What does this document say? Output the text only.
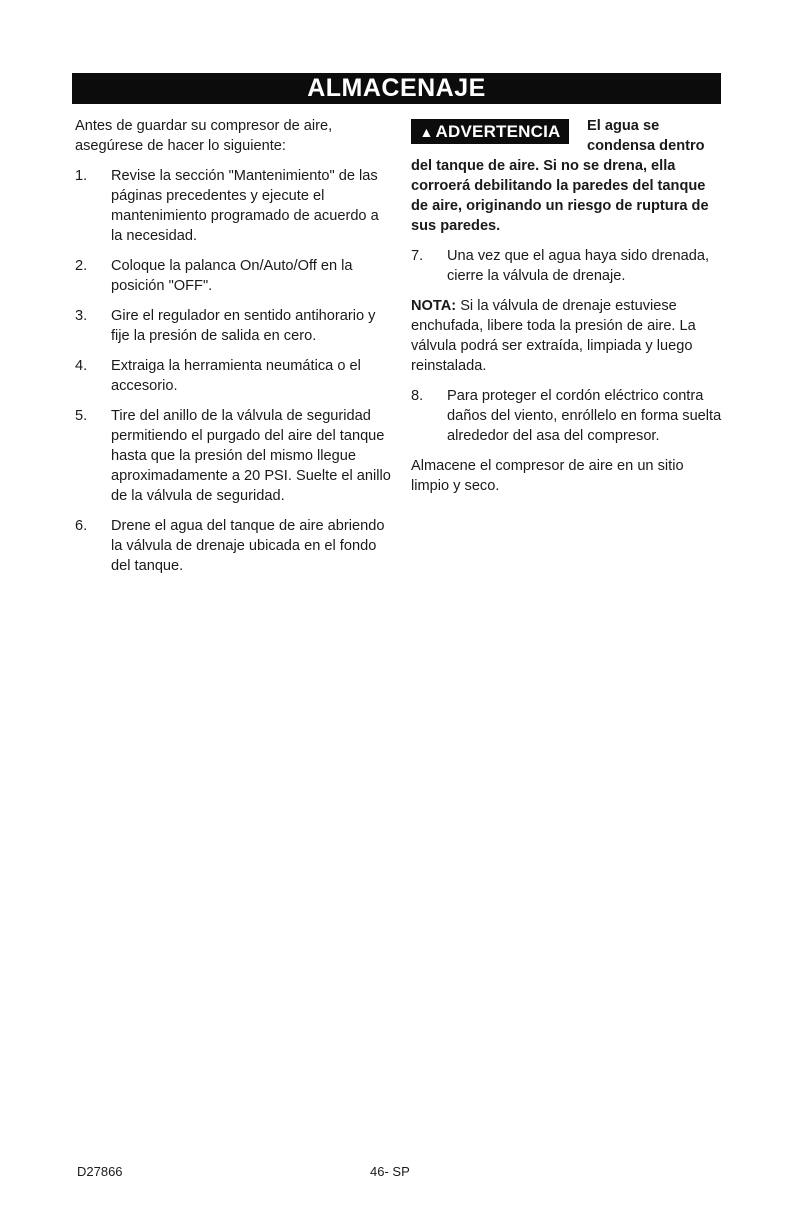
ALMACENAJE

Antes de guardar su compresor de aire, asegúrese de hacer lo siguiente:

1. Revise la sección "Mantenimiento" de las páginas precedentes y ejecute el mantenimiento programado de acuerdo a la necesidad.
2. Coloque la palanca On/Auto/Off en la posición "OFF".
3. Gire el regulador en sentido antihorario y fije la presión de salida en cero.
4. Extraiga la herramienta neumática o el accesorio.
5. Tire del anillo de la válvula de seguridad permitiendo el purgado del aire del tanque hasta que la presión del mismo llegue aproximadamente a 20 PSI. Suelte el anillo de la válvula de seguridad.
6. Drene el agua del tanque de aire abriendo la válvula de drenaje ubicada en el fondo del tanque.
▲ ADVERTENCIA	El agua se condensa dentro

del tanque de aire. Si no se drena, ella corroerá debilitando la paredes del tanque de aire, originando un riesgo de ruptura de sus paredes.

7. Una vez que el agua haya sido drenada, cierre la válvula de drenaje.

NOTA: Si la válvula de drenaje estuviese enchufada, libere toda la presión de aire. La válvula podrá ser extraída, limpiada y luego reinstalada.

8. Para proteger el cordón eléctrico contra daños del viento, enróllelo en forma suelta alrededor del asa del compresor.

Almacene el compresor de aire en un sitio limpio y seco.

D27866	46- SP
